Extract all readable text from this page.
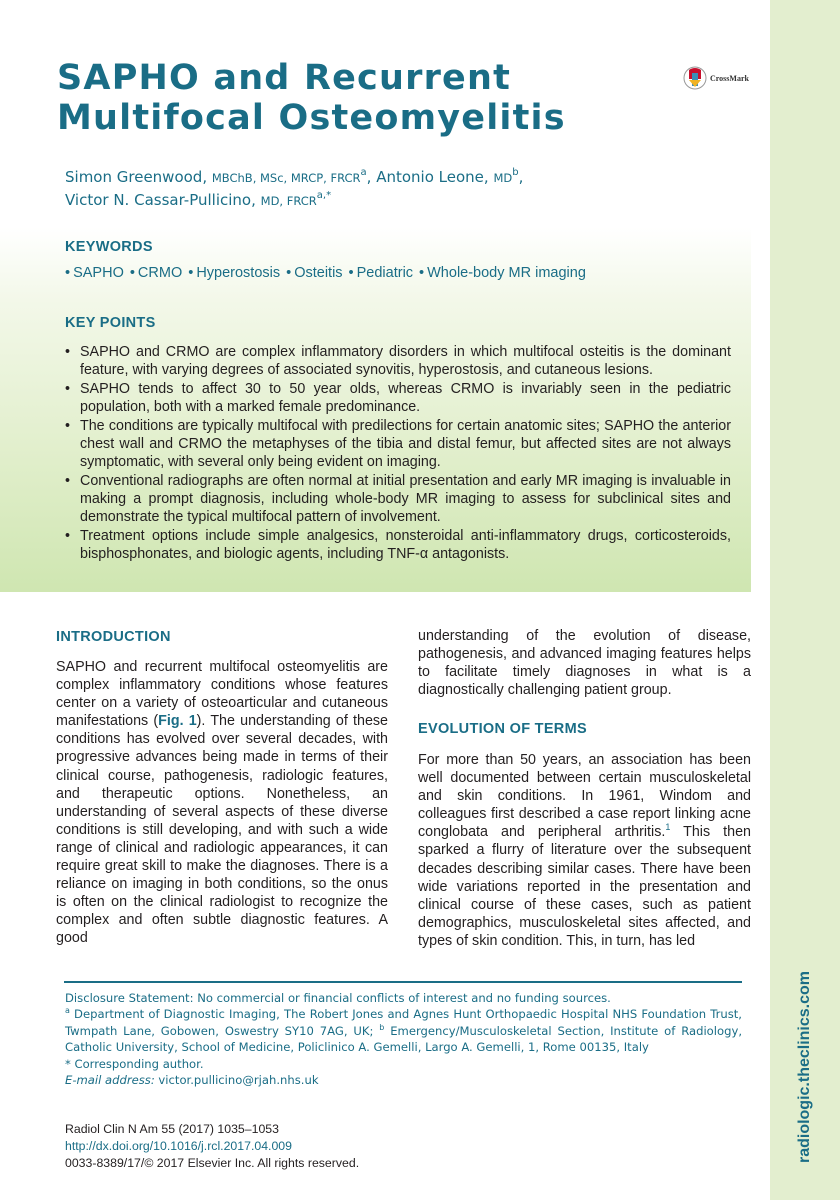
SAPHO and Recurrent Multifocal Osteomyelitis
CrossMark
Simon Greenwood, MBChB, MSc, MRCP, FRCR$^a$, Antonio Leone, $MD^b$,
Victor N. Cassar-Pullicino, MD, $FRCR^{a,*}$
KEYWORDS
• SAPHO • CRMO • Hyperostosis • Osteitis • Pediatric • Whole-body MR imaging
KEY POINTS
• SAPHO and CRMO are complex inflammatory disorders in which multifocal osteitis is the dominant feature, with varying degrees of associated synovitis, hyperostosis, and cutaneous lesions.
• SAPHO tends to affect 30 to 50 year olds, whereas CRMO is invariably seen in the pediatric population, both with a marked female predominance.
• The conditions are typically multifocal with predilections for certain anatomic sites; SAPHO the anterior chest wall and CRMO the metaphyses of the tibia and distal femur, but affected sites are not always symptomatic, with several only being evident on imaging.
• Conventional radiographs are often normal at initial presentation and early MR imaging is invaluable in making a prompt diagnosis, including whole-body MR imaging to assess for subclinical sites and demonstrate the typical multifocal pattern of involvement.
• Treatment options include simple analgesics, nonsteroidal anti-inflammatory drugs, corticosteroids, bisphosphonates, and biologic agents, including TNF-α antagonists.
INTRODUCTION
SAPHO and recurrent multifocal osteomyelitis are complex inflammatory conditions whose features center on a variety of osteoarticular and cutaneous manifestations (Fig. 1). The understanding of these conditions has evolved over several decades, with progressive advances being made in terms of their clinical course, pathogenesis, radiologic features, and therapeutic options. Nonetheless, an understanding of several aspects of these diverse conditions is still developing, and with such a wide range of clinical and radiologic appearances, it can require great skill to make the diagnoses. There is a reliance on imaging in both conditions, so the onus is often on the clinical radiologist to recognize the complex and often subtle diagnostic features. A good
understanding of the evolution of disease, pathogenesis, and advanced imaging features helps to facilitate timely diagnoses in what is a diagnostically challenging patient group.
EVOLUTION OF TERMS
For more than 50 years, an association has been well documented between certain musculoskeletal and skin conditions. In 1961, Windom and colleagues first described a case report linking acne conglobata and peripheral arthritis.$^1$ This then sparked a flurry of literature over the subsequent decades describing similar cases. There have been wide variations reported in the presentation and clinical course of these cases, such as patient demographics, musculoskeletal sites affected, and types of skin condition. This, in turn, has led
Disclosure Statement: No commercial or financial conflicts of interest and no funding sources.
$^a$ Department of Diagnostic Imaging, The Robert Jones and Agnes Hunt Orthopaedic Hospital NHS Foundation Trust, Twmpath Lane, Gobowen, Oswestry SY10 7AG, UK; $^b$ Emergency/Musculoskeletal Section, Institute of Radiology, Catholic University, School of Medicine, Policlinico A. Gemelli, Largo A. Gemelli, 1, Rome 00135, Italy
* Corresponding author.
E-mail address: victor.pullicino@rjah.nhs.uk
Radiol Clin N Am 55 (2017) 1035–1053
http://dx.doi.org/10.1016/j.rcl.2017.04.009
0033-8389/17/© 2017 Elsevier Inc. All rights reserved.	radiologic.theclinics.com
